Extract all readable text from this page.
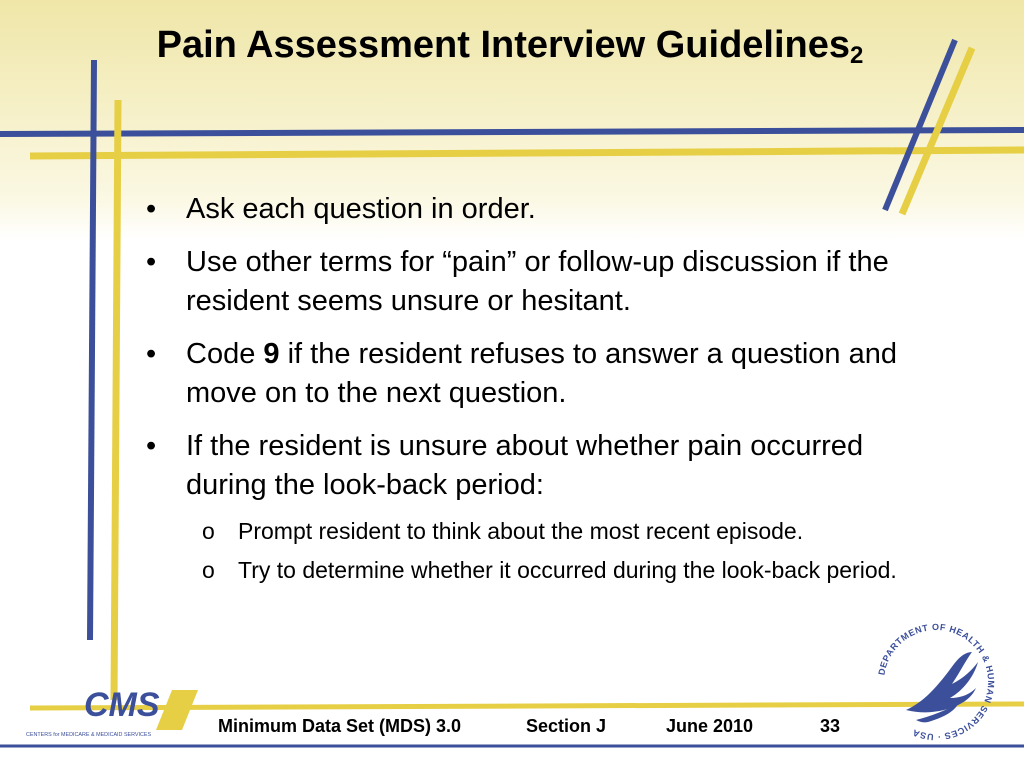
Pain Assessment Interview Guidelines$_2$
• Ask each question in order.
• Use other terms for “pain” or follow-up discussion if the resident seems unsure or hesitant.
• Code 9 if the resident refuses to answer a question and move on to the next question.
• If the resident is unsure about whether pain occurred during the look-back period:
o Prompt resident to think about the most recent episode.
o Try to determine whether it occurred during the look-back period.
CMS
CENTERS for MEDICARE & MEDICAID SERVICES
DEPARTMENT OF HEALTH & HUMAN SERVICES · USA
Minimum Data Set (MDS) 3.0	Section J	June 2010	33
